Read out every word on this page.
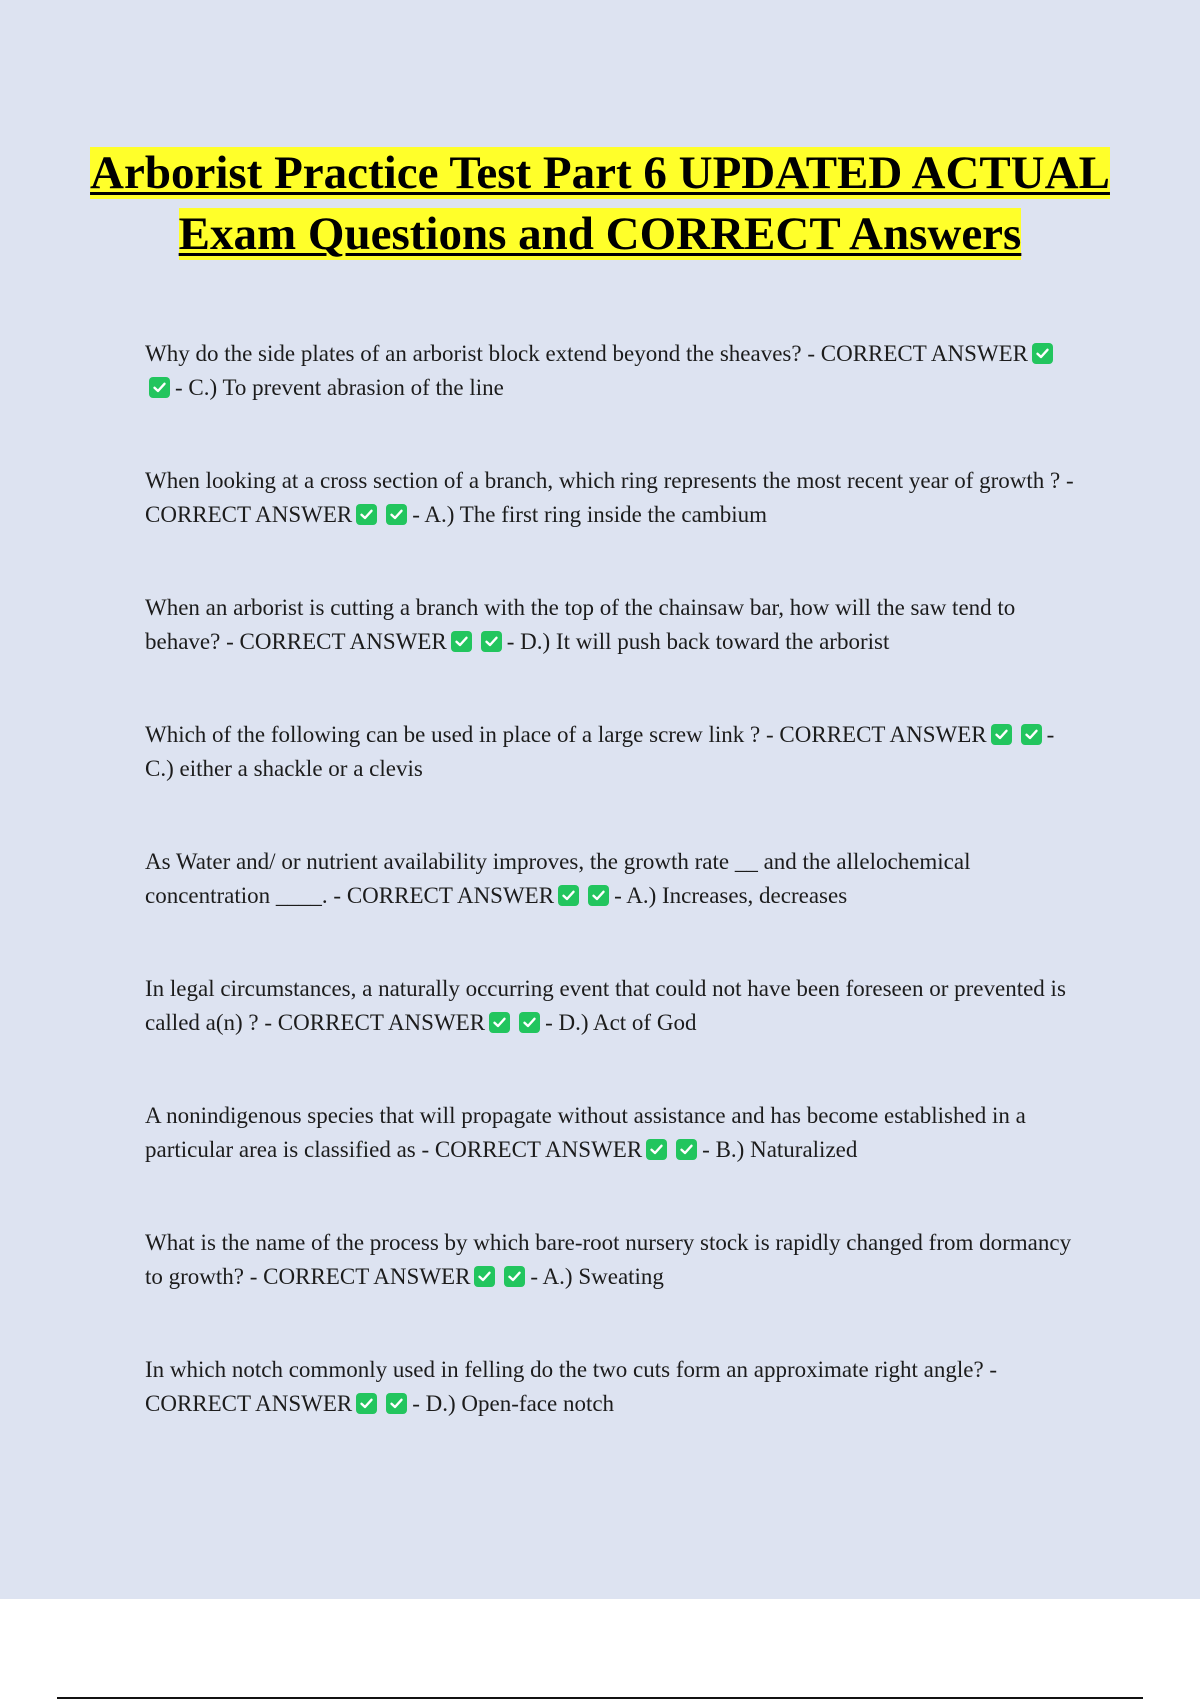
Arborist Practice Test Part 6 UPDATED ACTUAL Exam Questions and CORRECT Answers
Why do the side plates of an arborist block extend beyond the sheaves? - CORRECT ANSWER
- C.) To prevent abrasion of the line
When looking at a cross section of a branch, which ring represents the most recent year of growth ? - CORRECT ANSWER	- A.) The first ring inside the cambium
When an arborist is cutting a branch with the top of the chainsaw bar, how will the saw tend to behave? - CORRECT ANSWER	- D.) It will push back toward the arborist
Which of the following can be used in place of a large screw link ? - CORRECT ANSWER	- C.) either a shackle or a clevis
As Water and/ or nutrient availability improves, the growth rate __ and the allelochemical concentration ____. - CORRECT ANSWER	- A.) Increases, decreases
In legal circumstances, a naturally occurring event that could not have been foreseen or prevented is called a(n) ? - CORRECT ANSWER	- D.) Act of God
A nonindigenous species that will propagate without assistance and has become established in a particular area is classified as - CORRECT ANSWER	- B.) Naturalized
What is the name of the process by which bare-root nursery stock is rapidly changed from dormancy to growth? - CORRECT ANSWER	- A.) Sweating
In which notch commonly used in felling do the two cuts form an approximate right angle? - CORRECT ANSWER	- D.) Open-face notch
